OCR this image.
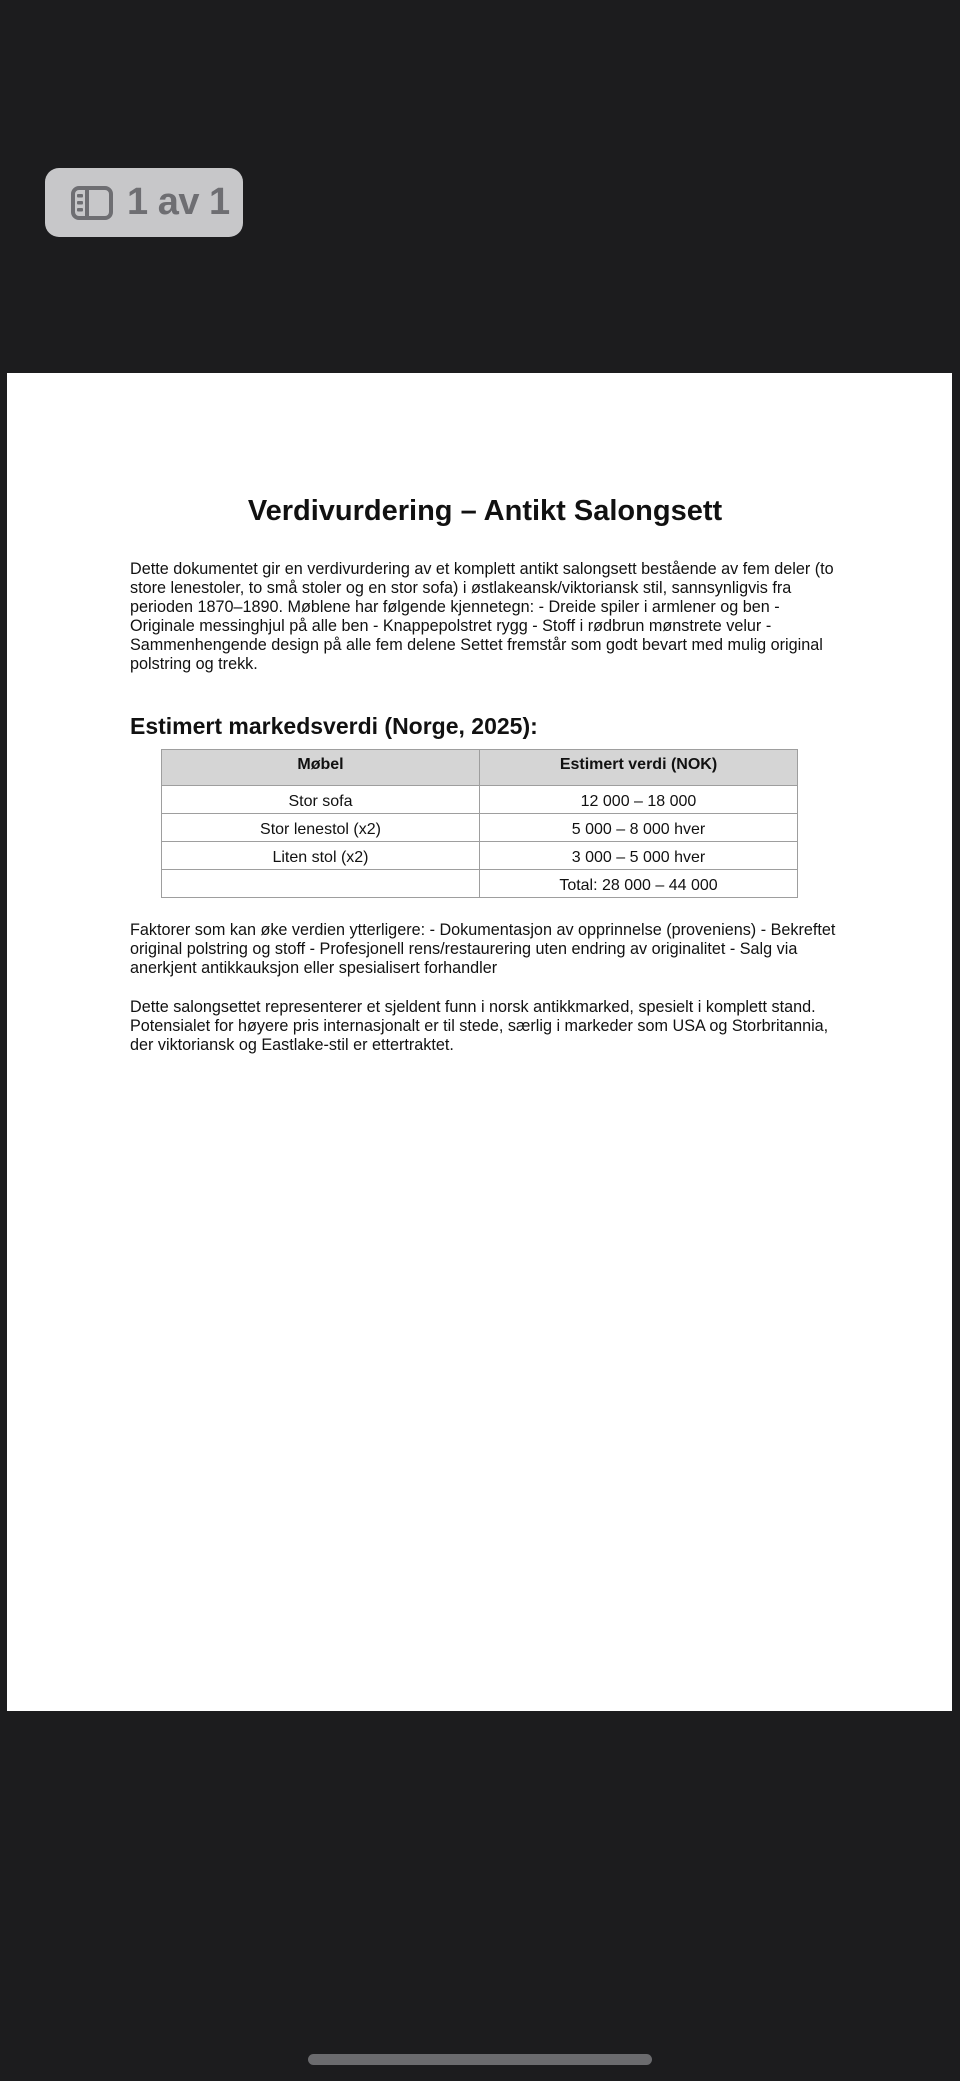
1 av 1
Verdivurdering – Antikt Salongsett

Dette dokumentet gir en verdivurdering av et komplett antikt salongsett bestående av fem deler (to store lenestoler, to små stoler og en stor sofa) i østlakeansk/viktoriansk stil, sannsynligvis fra perioden 1870–1890. Møblene har følgende kjennetegn: - Dreide spiler i armlener og ben - Originale messinghjul på alle ben - Knappepolstret rygg - Stoff i rødbrun mønstrete velur - Sammenhengende design på alle fem delene Settet fremstår som godt bevart med mulig original polstring og trekk.

Estimert markedsverdi (Norge, 2025):
Møbel	Estimert verdi (NOK)
Stor sofa	12 000 – 18 000
Stor lenestol (x2)	5 000 – 8 000 hver
Liten stol (x2)	3 000 – 5 000 hver
	Total: 28 000 – 44 000

Faktorer som kan øke verdien ytterligere: - Dokumentasjon av opprinnelse (proveniens) - Bekreftet original polstring og stoff - Profesjonell rens/restaurering uten endring av originalitet - Salg via anerkjent antikkauksjon eller spesialisert forhandler

Dette salongsettet representerer et sjeldent funn i norsk antikkmarked, spesielt i komplett stand. Potensialet for høyere pris internasjonalt er til stede, særlig i markeder som USA og Storbritannia, der viktoriansk og Eastlake-stil er ettertraktet.
